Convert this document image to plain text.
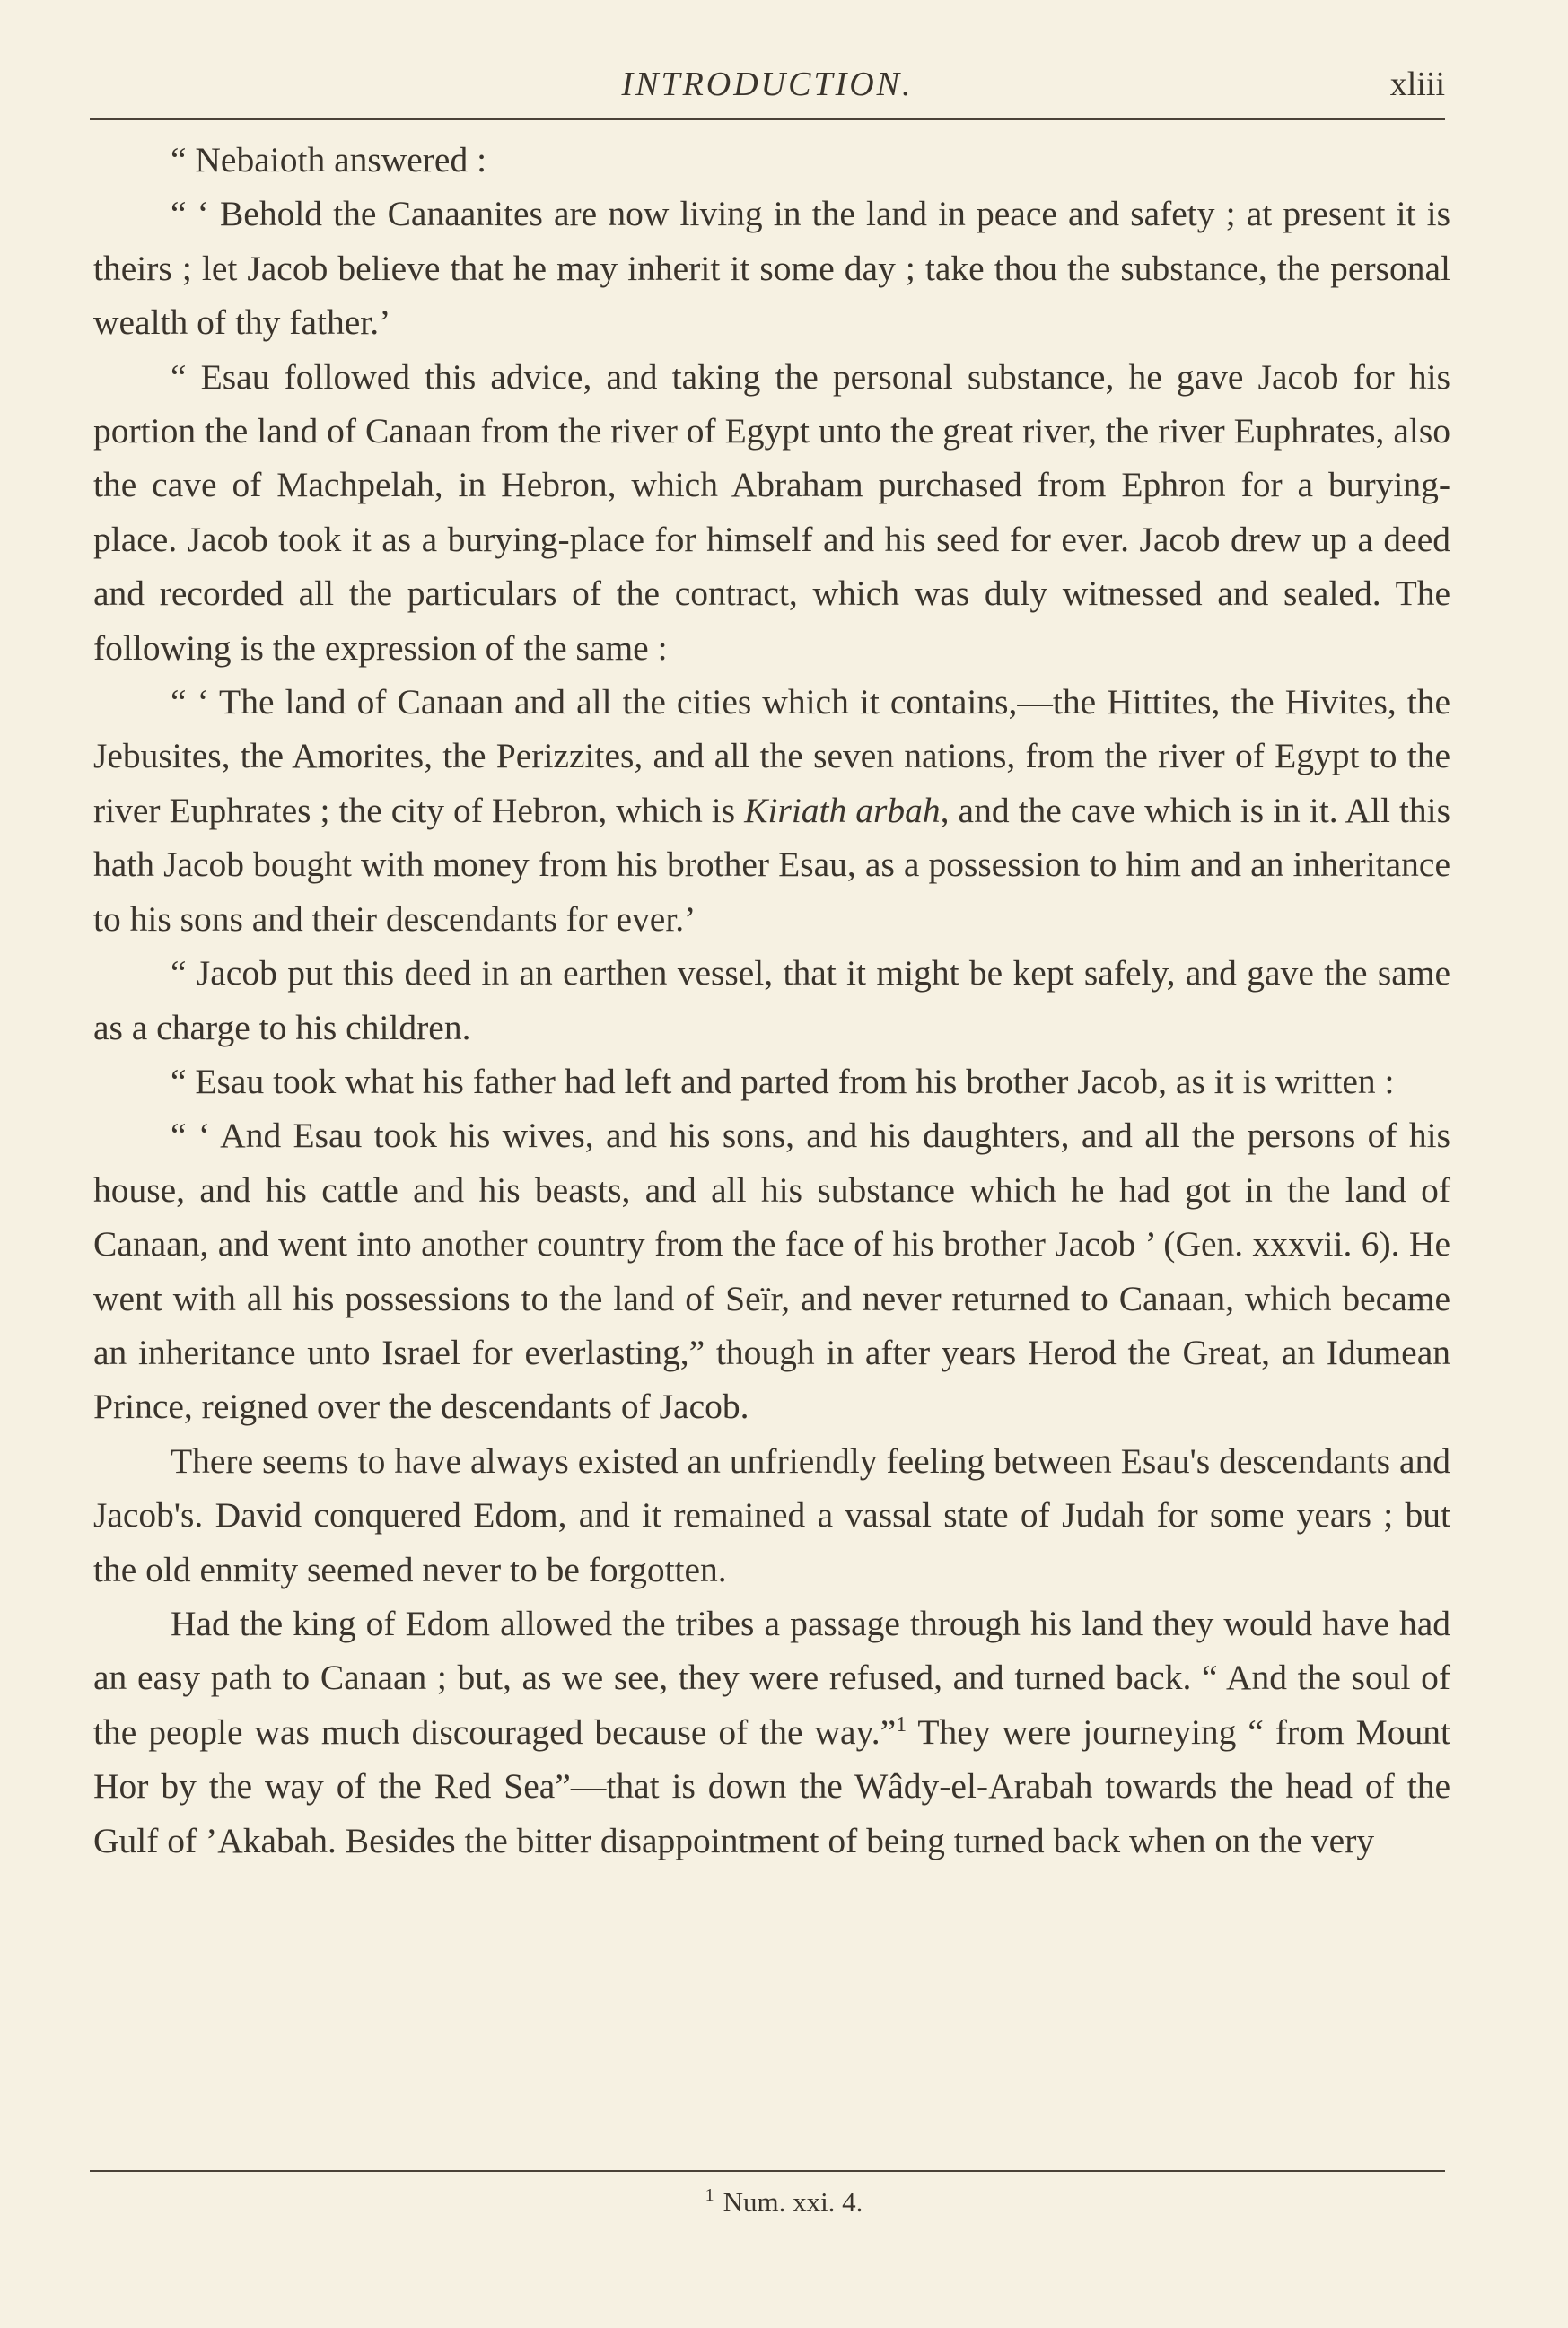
INTRODUCTION.	xliii

“ Nebaioth answered :

“ ‘ Behold the Canaanites are now living in the land in peace and safety ; at present it is theirs ; let Jacob believe that he may inherit it some day ; take thou the substance, the personal wealth of thy father.’

“ Esau followed this advice, and taking the personal substance, he gave Jacob for his portion the land of Canaan from the river of Egypt unto the great river, the river Euphrates, also the cave of Machpelah, in Hebron, which Abraham purchased from Ephron for a burying-place. Jacob took it as a burying-place for himself and his seed for ever. Jacob drew up a deed and recorded all the particulars of the contract, which was duly witnessed and sealed. The following is the expression of the same :

“ ‘ The land of Canaan and all the cities which it contains,—the Hittites, the Hivites, the Jebusites, the Amorites, the Perizzites, and all the seven nations, from the river of Egypt to the river Euphrates ; the city of Hebron, which is Kiriath arbah, and the cave which is in it. All this hath Jacob bought with money from his brother Esau, as a possession to him and an inheritance to his sons and their descendants for ever.’

“ Jacob put this deed in an earthen vessel, that it might be kept safely, and gave the same as a charge to his children.

“ Esau took what his father had left and parted from his brother Jacob, as it is written :

“ ‘ And Esau took his wives, and his sons, and his daughters, and all the persons of his house, and his cattle and his beasts, and all his substance which he had got in the land of Canaan, and went into another country from the face of his brother Jacob ’ (Gen. xxxvii. 6). He went with all his possessions to the land of Seïr, and never returned to Canaan, which became an inheritance unto Israel for everlasting,” though in after years Herod the Great, an Idumean Prince, reigned over the descendants of Jacob.

There seems to have always existed an unfriendly feeling between Esau's descendants and Jacob's. David conquered Edom, and it remained a vassal state of Judah for some years ; but the old enmity seemed never to be forgotten.

Had the king of Edom allowed the tribes a passage through his land they would have had an easy path to Canaan ; but, as we see, they were refused, and turned back. “ And the soul of the people was much discouraged because of the way.”$^1$ They were journeying “ from Mount Hor by the way of the Red Sea”—that is down the Wâdy-el-Arabah towards the head of the Gulf of ’Akabah. Besides the bitter disappointment of being turned back when on the very

$^1$ Num. xxi. 4.
